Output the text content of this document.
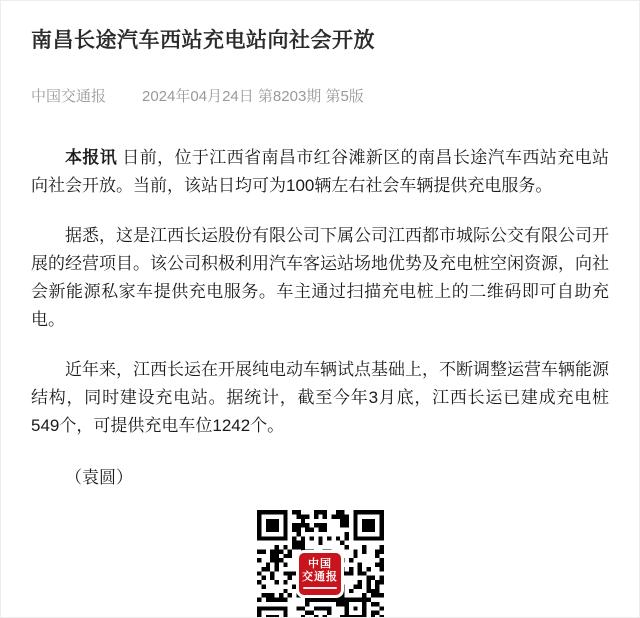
南昌长途汽车西站充电站向社会开放
中国交通报 2024年04月24日 第8203期 第5版

本报讯 日前，位于江西省南昌市红谷滩新区的南昌长途汽车西站充电站向社会开放。当前，该站日均可为100辆左右社会车辆提供充电服务。

据悉，这是江西长运股份有限公司下属公司江西都市城际公交有限公司开展的经营项目。该公司积极利用汽车客运站场地优势及充电桩空闲资源，向社会新能源私家车提供充电服务。车主通过扫描充电桩上的二维码即可自助充电。

近年来，江西长运在开展纯电动车辆试点基础上，不断调整运营车辆能源结构，同时建设充电站。据统计，截至今年3月底，江西长运已建成充电桩549个，可提供充电车位1242个。

（袁圆）
中国
交通报
